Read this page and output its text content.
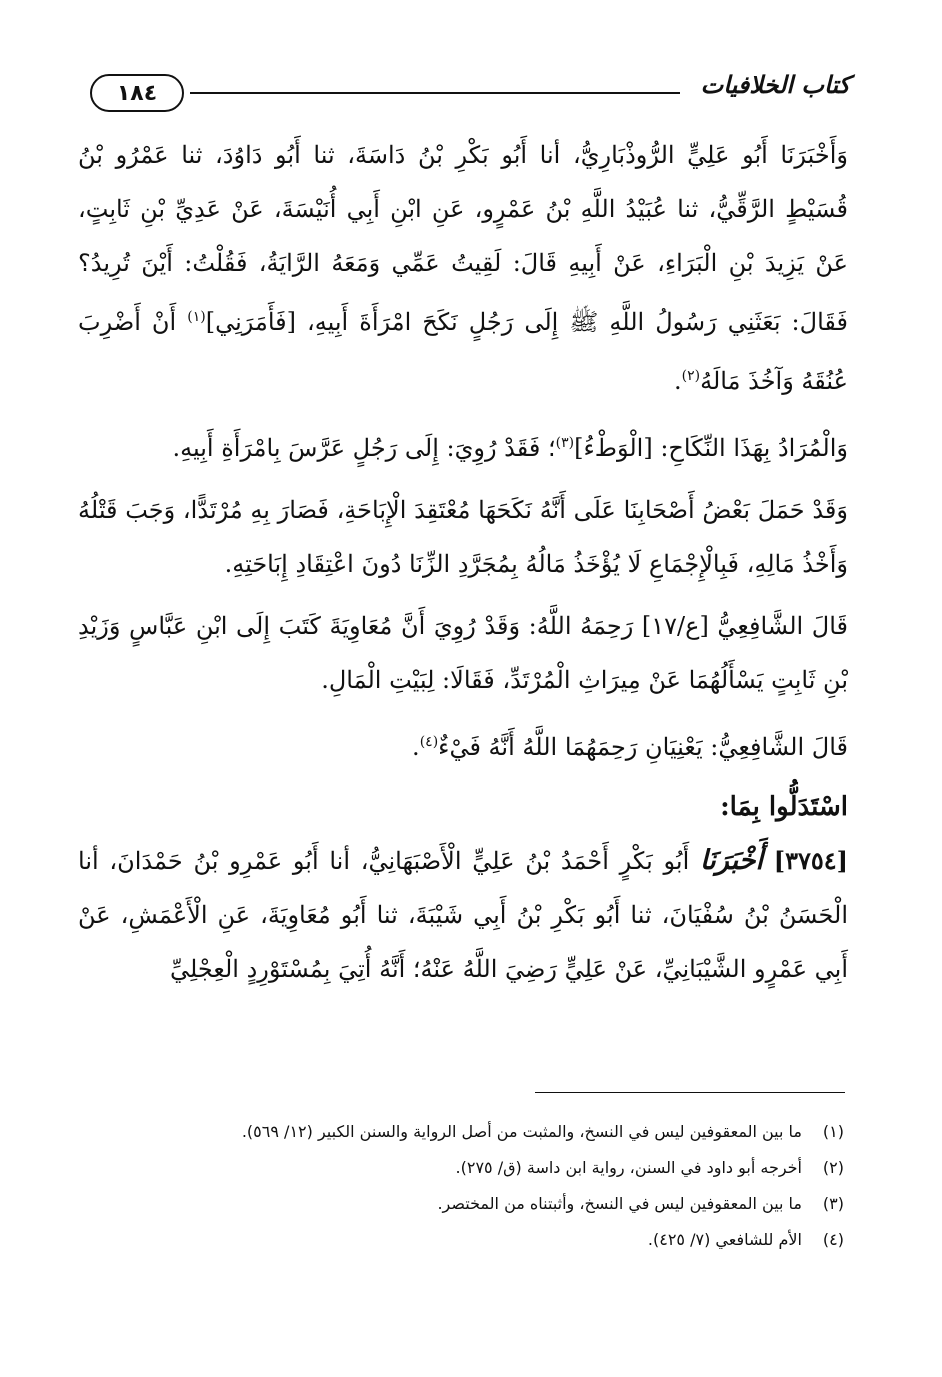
١٨٤	كتاب الخلافيات

وَأَخْبَرَنَا أَبُو عَلِيٍّ الرُّوذْبَارِيُّ، أنا أَبُو بَكْرِ بْنُ دَاسَةَ، ثنا أَبُو دَاوُدَ، ثنا عَمْرُو بْنُ قُسَيْطٍ الرَّقِّيُّ، ثنا عُبَيْدُ اللَّهِ بْنُ عَمْرٍو، عَنِ ابْنِ أَبِي أُنَيْسَةَ، عَنْ عَدِيِّ بْنِ ثَابِتٍ، عَنْ يَزِيدَ بْنِ الْبَرَاءِ، عَنْ أَبِيهِ قَالَ: لَقِيتُ عَمِّي وَمَعَهُ الرَّايَةُ، فَقُلْتُ: أَيْنَ تُرِيدُ؟ فَقَالَ: بَعَثَنِي رَسُولُ اللَّهِ ﷺ إِلَى رَجُلٍ نَكَحَ امْرَأَةَ أَبِيهِ، [فَأَمَرَنِي]$^{(١)}$ أَنْ أَضْرِبَ عُنُقَهُ وَآخُذَ مَالَهُ$^{(٢)}$.

وَالْمُرَادُ بِهَذَا النِّكَاحِ: [الْوَطْءُ]$^{(٣)}$؛ فَقَدْ رُوِيَ: إِلَى رَجُلٍ عَرَّسَ بِامْرَأَةِ أَبِيهِ.

وَقَدْ حَمَلَ بَعْضُ أَصْحَابِنَا عَلَى أَنَّهُ نَكَحَهَا مُعْتَقِدَ الْإِبَاحَةِ، فَصَارَ بِهِ مُرْتَدًّا، وَجَبَ قَتْلُهُ وَأَخْذُ مَالِهِ، فَبِالْإِجْمَاعِ لَا يُؤْخَذُ مَالُهُ بِمُجَرَّدِ الزِّنَا دُونَ اعْتِقَادِ إِبَاحَتِهِ.

قَالَ الشَّافِعِيُّ [ع/١٧] رَحِمَهُ اللَّهُ: وَقَدْ رُوِيَ أَنَّ مُعَاوِيَةَ كَتَبَ إِلَى ابْنِ عَبَّاسٍ وَزَيْدِ بْنِ ثَابِتٍ يَسْأَلُهُمَا عَنْ مِيرَاثِ الْمُرْتَدِّ، فَقَالَا: لِبَيْتِ الْمَالِ.

قَالَ الشَّافِعِيُّ: يَعْنِيَانِ رَحِمَهُمَا اللَّهُ أَنَّهُ فَيْءٌ$^{(٤)}$.

اسْتَدَلُّوا بِمَا:

[٣٧٥٤] أَخْبَرَنَا أَبُو بَكْرٍ أَحْمَدُ بْنُ عَلِيٍّ الْأَصْبَهَانِيُّ، أنا أَبُو عَمْرِو بْنُ حَمْدَانَ، أنا الْحَسَنُ بْنُ سُفْيَانَ، ثنا أَبُو بَكْرِ بْنُ أَبِي شَيْبَةَ، ثنا أَبُو مُعَاوِيَةَ، عَنِ الْأَعْمَشِ، عَنْ أَبِي عَمْرٍو الشَّيْبَانِيِّ، عَنْ عَلِيٍّ رَضِيَ اللَّهُ عَنْهُ؛ أَنَّهُ أُتِيَ بِمُسْتَوْرِدٍ الْعِجْلِيِّ

(١)
ما بين المعقوفين ليس في النسخ، والمثبت من أصل الرواية والسنن الكبير (١٢/ ٥٦٩).
(٢)
أخرجه أبو داود في السنن، رواية ابن داسة (ق/ ٢٧٥).
(٣)
ما بين المعقوفين ليس في النسخ، وأثبتناه من المختصر.
(٤)
الأم للشافعي (٧/ ٤٢٥).
